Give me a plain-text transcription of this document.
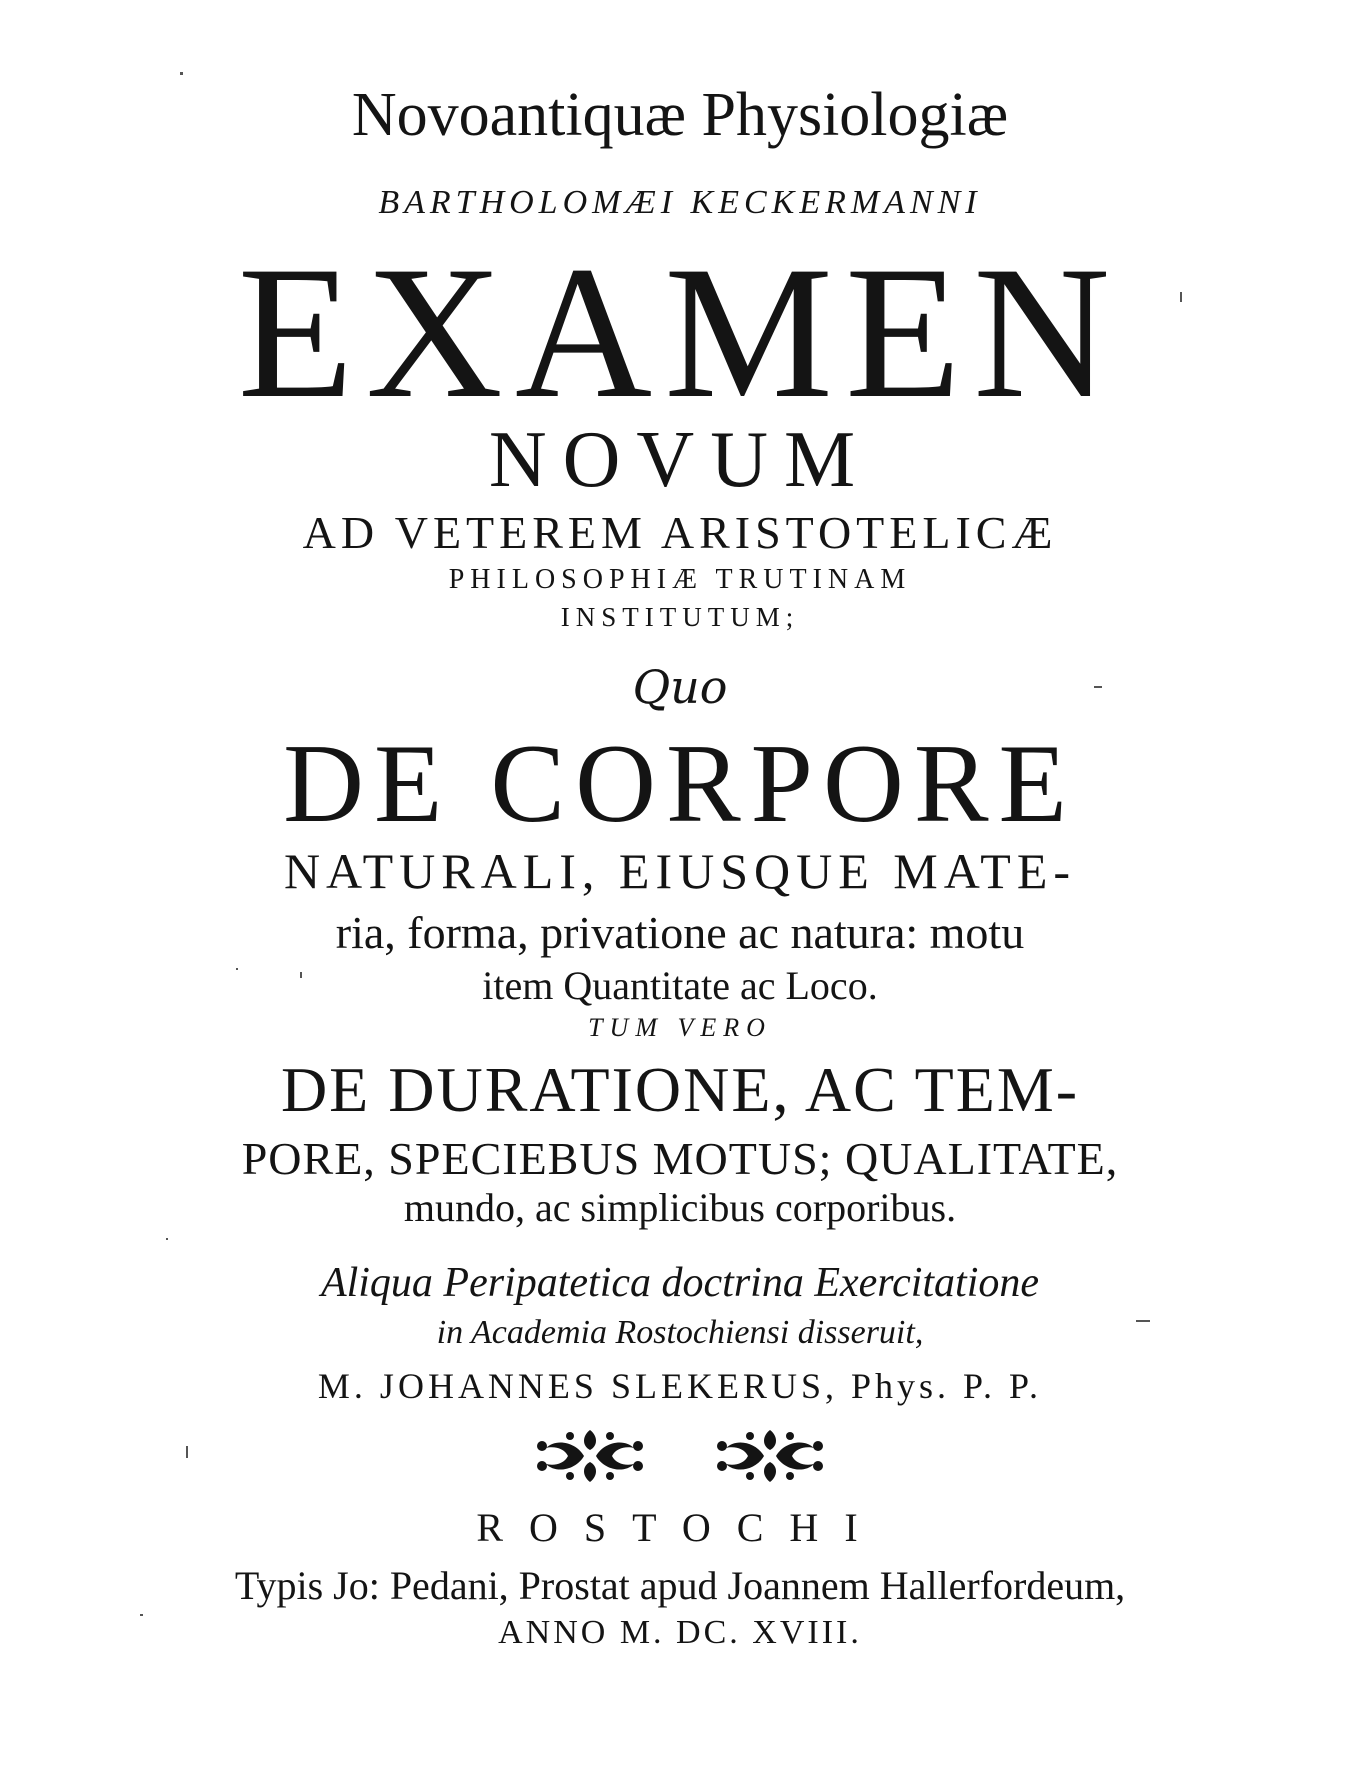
Novoantiquæ Physiologiæ
BARTHOLOMÆI KECKERMANNI
EXAMEN
NOVUM
AD VETEREM ARISTOTELICÆ
PHILOSOPHIÆ TRUTINAM
INSTITUTUM;
Quo
DE CORPORE
NATURALI, EIUSQUE MATE-
ria, forma, privatione ac natura: motu
item Quantitate ac Loco.
TUM VERO
DE DURATIONE, AC TEM-
PORE, SPECIEBUS MOTUS; QUALITATE,
mundo, ac simplicibus corporibus.
Aliqua Peripatetica doctrina Exercitatione
in Academia Rostochiensi disseruit,
M. JOHANNES SLEKERUS, Phys. P. P.
ROSTOCHI
Typis Jo: Pedani, Prostat apud Joannem Hallerfordeum,
ANNO M. DC. XVIII.
